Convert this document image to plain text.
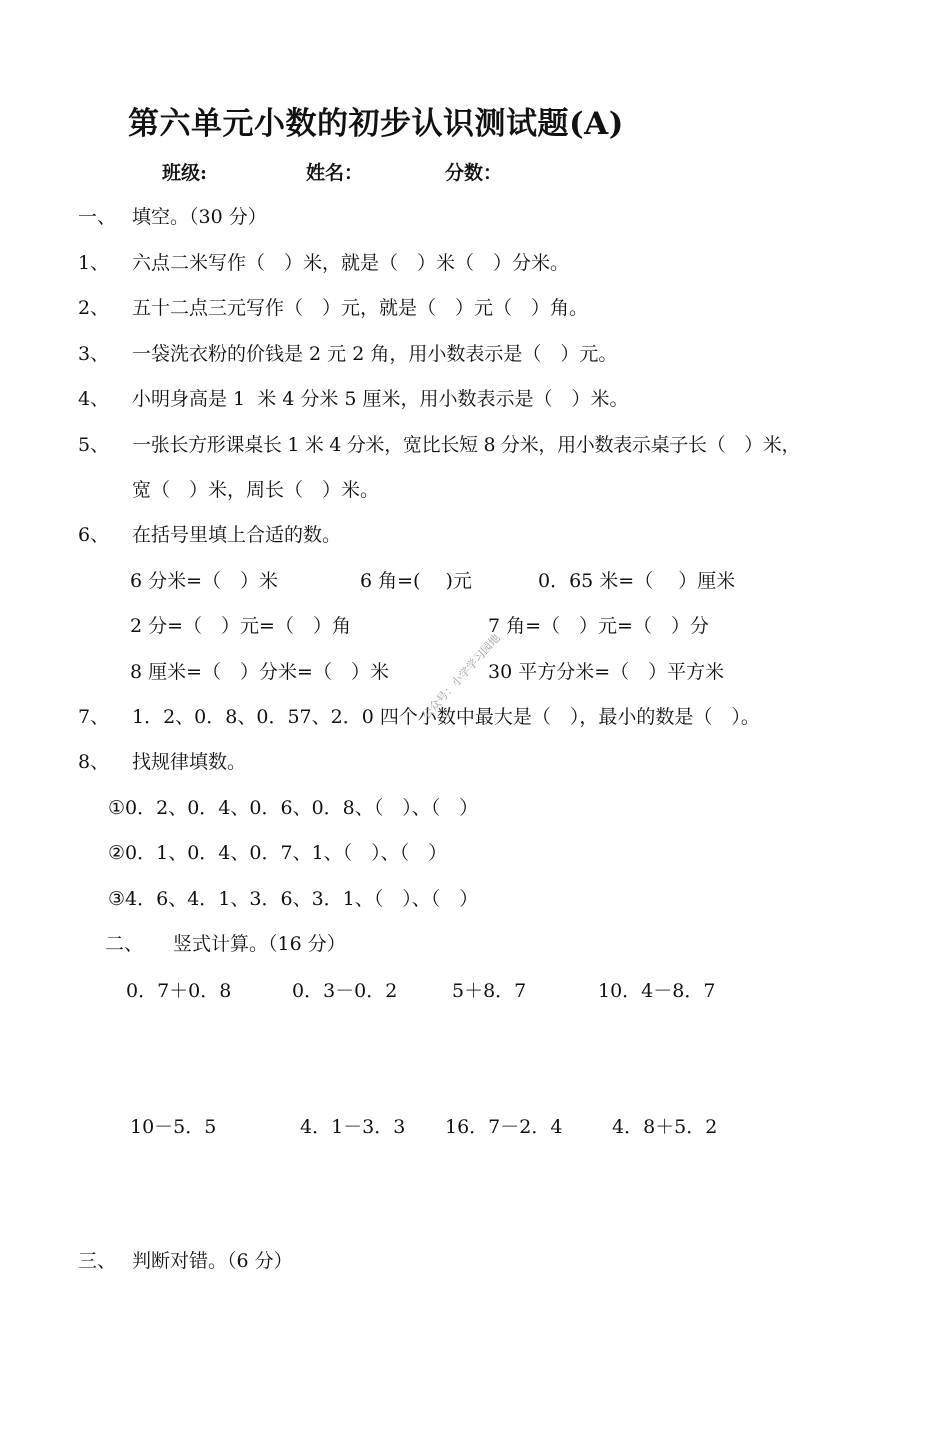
第六单元小数的初步认识测试题(A)
班级:	姓名：	分数：
一、 填空。（30 分）
1、 六点二米写作（　）米，就是（　）米（　）分米。
2、 五十二点三元写作（　）元，就是（　）元（　）角。
3、 一袋洗衣粉的价钱是 2 元 2 角，用小数表示是（　）元。
4、 小明身高是 1  米 4 分米 5 厘米，用小数表示是（　）米。
5、 一张长方形课桌长 1 米 4 分米，宽比长短 8 分米，用小数表示桌子长（　）米，
宽（　）米，周长（　）米。
6、 在括号里填上合适的数。
6 分米=（　）米	6 角=(　 )元	0．65 米=（　 ）厘米
2 分=（　）元=（　）角	7 角=（　）元=（　）分
8 厘米=（　）分米=（　）米	30 平方分米=（　）平方米
7、 1．2、0．8、0．57、2．0 四个小数中最大是（　），最小的数是（　）。
8、 找规律填数。
①0．2、0．4、0．6、0．8、（　）、（　）
②0．1、0．4、0．7、1、（　）、（　）
③4．6、4．1、3．6、3．1、（　）、（　）
二、 竖式计算。（16 分）
0．7＋0．8	0．3－0．2	5＋8．7	10．4－8．7
10－5．5	4．1－3．3 16．7－2．4	4．8＋5．2
三、 判断对错。（6 分）
公众号：小学学习园地
